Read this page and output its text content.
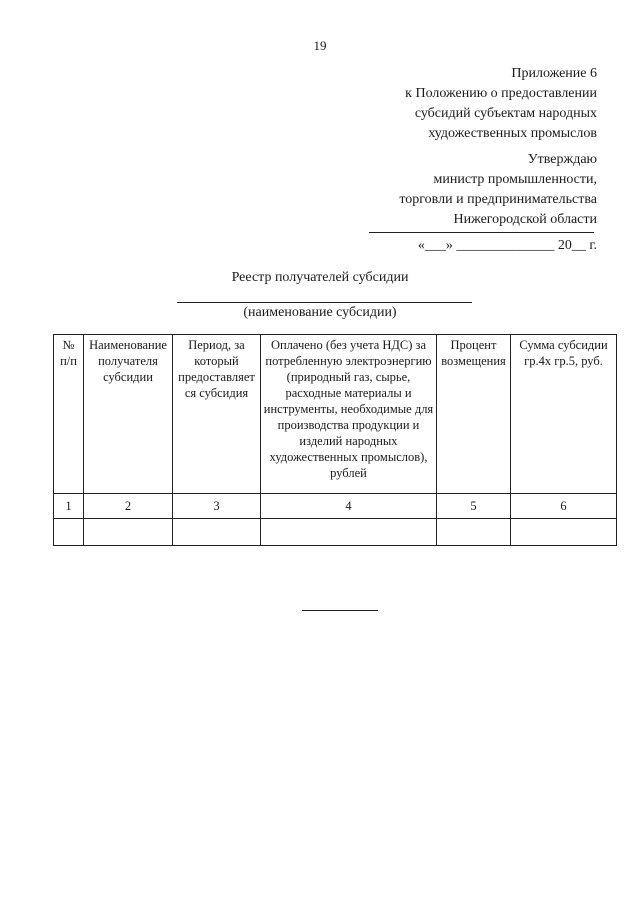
19
Приложение 6
к Положению о предоставлении
субсидий субъектам народных
художественных промыслов
Утверждаю
министр промышленности,
торговли и предпринимательства
Нижегородской области
«___» ______________ 20__ г.
Реестр получателей субсидии
(наименование субсидии)
№ п/п	Наименование получателя субсидии	Период, за который предоставляет ся субсидия	Оплачено (без учета НДС) за потребленную электроэнергию (природный газ, сырье, расходные материалы и инструменты, необходимые для производства продукции и изделий народных художественных промыслов), рублей	Процент возмещения	Сумма субсидии гр.4х гр.5, руб.
1	2	3	4	5	6
